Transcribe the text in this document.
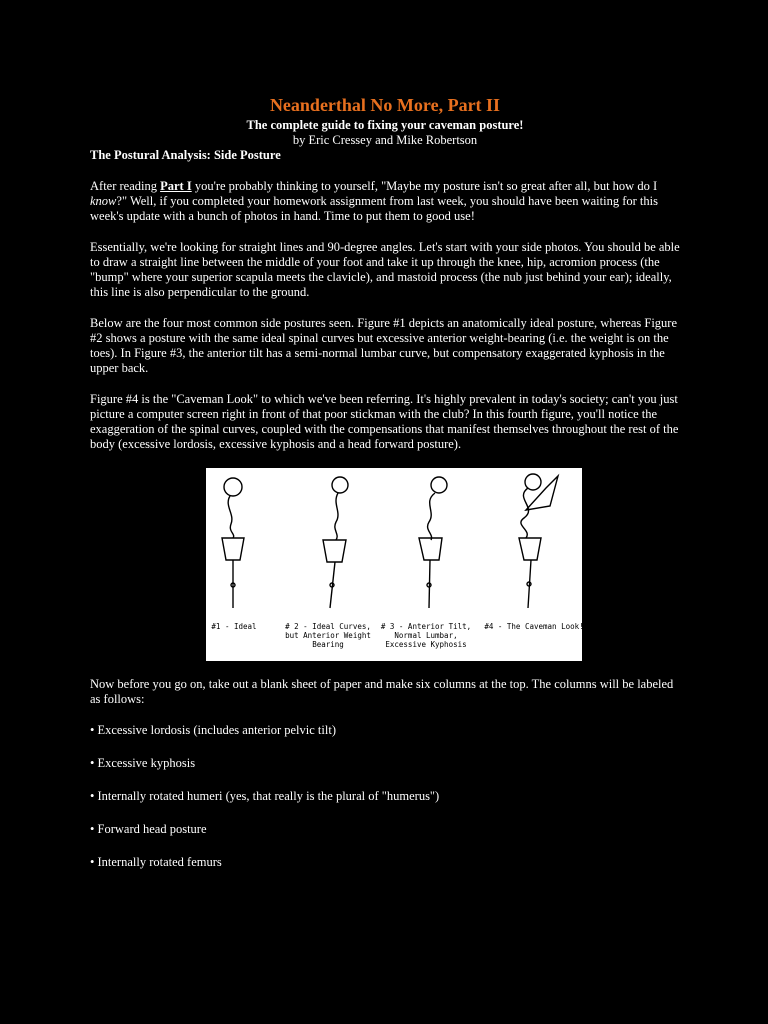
Neanderthal No More, Part II
The complete guide to fixing your caveman posture!
by Eric Cressey and Mike Robertson
The Postural Analysis: Side Posture

After reading Part I you're probably thinking to yourself, "Maybe my posture isn't so great after all, but how do I know?" Well, if you completed your homework assignment from last week, you should have been waiting for this week's update with a bunch of photos in hand. Time to put them to good use!

Essentially, we're looking for straight lines and 90-degree angles. Let's start with your side photos. You should be able to draw a straight line between the middle of your foot and take it up through the knee, hip, acromion process (the "bump" where your superior scapula meets the clavicle), and mastoid process (the nub just behind your ear); ideally, this line is also perpendicular to the ground.

Below are the four most common side postures seen. Figure #1 depicts an anatomically ideal posture, whereas Figure #2 shows a posture with the same ideal spinal curves but excessive anterior weight-bearing (i.e. the weight is on the toes). In Figure #3, the anterior tilt has a semi-normal lumbar curve, but compensatory exaggerated kyphosis in the upper back.

Figure #4 is the "Caveman Look" to which we've been referring. It's highly prevalent in today's society; can't you just picture a computer screen right in front of that poor stickman with the club? In this fourth figure, you'll notice the exaggeration of the spinal curves, coupled with the compensations that manifest themselves throughout the rest of the body (excessive lordosis, excessive kyphosis and a head forward posture).

#1 - Ideal	# 2 - Ideal Curves, but Anterior Weight Bearing
# 3 - Anterior Tilt, Normal Lumbar, Excessive Kyphosis
#4 - The Caveman Look!

Now before you go on, take out a blank sheet of paper and make six columns at the top. The columns will be labeled as follows:

• Excessive lordosis (includes anterior pelvic tilt)
• Excessive kyphosis
• Internally rotated humeri (yes, that really is the plural of "humerus")
• Forward head posture
• Internally rotated femurs
